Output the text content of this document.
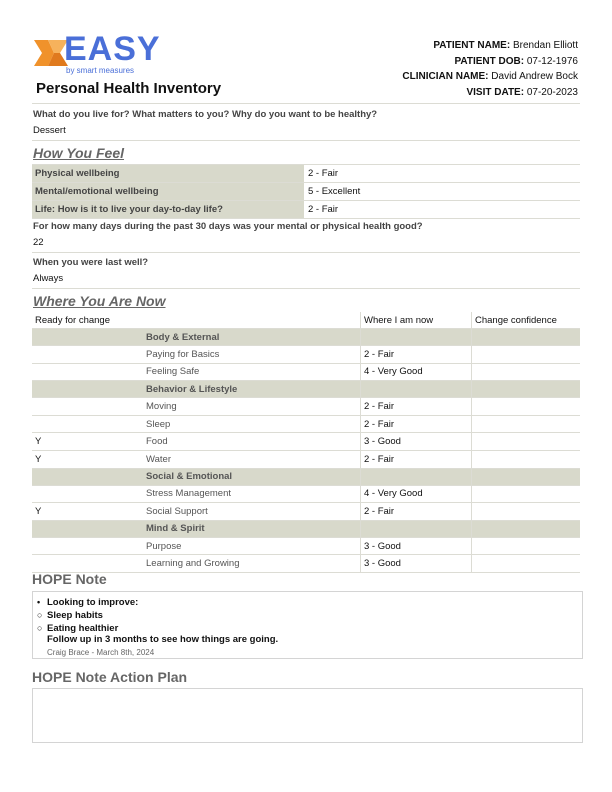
EASY
by smart measures
Personal Health Inventory
PATIENT NAME: Brendan Elliott
PATIENT DOB: 07-12-1976
CLINICIAN NAME: David Andrew Bock
VISIT DATE: 07-20-2023
What do you live for? What matters to you? Why do you want to be healthy?
Dessert
How You Feel
Physical wellbeing	2 - Fair
Mental/emotional wellbeing	5 - Excellent
Life: How is it to live your day-to-day life?	2 - Fair
For how many days during the past 30 days was your mental or physical health good?
22
When you were last well?
Always
Where You Are Now
Ready for change		Where I am now	Change confidence
	Body & External		
	Paying for Basics	2 - Fair	
	Feeling Safe	4 - Very Good	
	Behavior & Lifestyle		
	Moving	2 - Fair	
	Sleep	2 - Fair	
Y	Food	3 - Good	
Y	Water	2 - Fair	
	Social & Emotional		
	Stress Management	4 - Very Good	
Y	Social Support	2 - Fair	
	Mind & Spirit		
	Purpose	3 - Good	
	Learning and Growing	3 - Good	
HOPE Note
• Looking to improve:
○ Sleep habits
○ Eating healthier
Follow up in 3 months to see how things are going.
Craig Brace - March 8th, 2024
HOPE Note Action Plan
